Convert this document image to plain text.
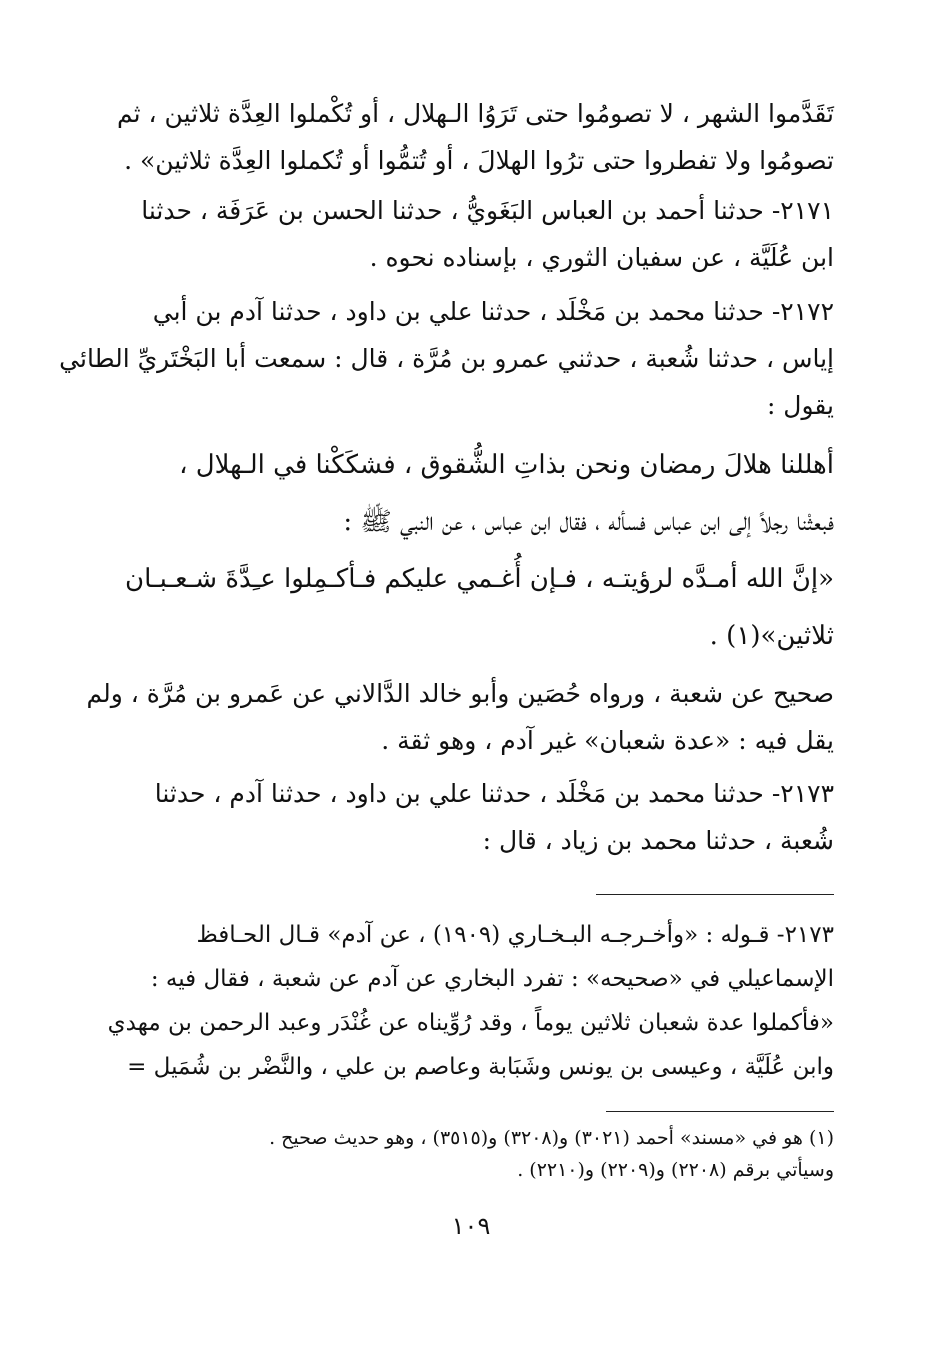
تَقَدَّموا الشهر ، لا تصومُوا حتى تَرَوُا الـهلال ، أو تُكْملوا العِدَّة ثلاثين ، ثم
تصومُوا ولا تفطروا حتى ترُوا الهلالَ ، أو تُتمُّوا أو تُكملوا العِدَّة ثلاثين» .
٢١٧١- حدثنا أحمد بن العباس البَغَويُّ ، حدثنا الحسن بن عَرَفَة ، حدثنا
ابن عُلَيَّة ، عن سفيان الثوري ، بإسناده نحوه .
٢١٧٢- حدثنا محمد بن مَخْلَد ، حدثنا علي بن داود ، حدثنا آدم بن أبي
إياس ، حدثنا شُعبة ، حدثني عمرو بن مُرَّة ، قال : سمعت أبا البَخْتَريِّ الطائي
يقول :
أهللنا هلالَ رمضان ونحن بذاتِ الشُّقوق ، فشكَكْنا في الـهلال ،
فبعثْنا رجلاً إلى ابن عباس فسأله ، فقال ابن عباس ، عن النبي ﷺ :
«إنَّ الله أمـدَّه لرؤيتـه ، فـإن أُغـمي عليكم فـأكـمِلوا عـِدَّةَ شـعـبـان
ثلاثين»(١) .
صحيح عن شعبة ، ورواه حُصَين وأبو خالد الدَّالاني عن عَمرو بن مُرَّة ، ولم
يقل فيه : «عدة شعبان» غير آدم ، وهو ثقة .
٢١٧٣- حدثنا محمد بن مَخْلَد ، حدثنا علي بن داود ، حدثنا آدم ، حدثنا
شُعبة ، حدثنا محمد بن زياد ، قال :
٢١٧٣- قـوله : «وأخـرجـه البـخـاري (١٩٠٩) ، عن آدم» قـال الحـافظ
الإسماعيلي في «صحيحه» : تفرد البخاري عن آدم عن شعبة ، فقال فيه :
«فأكملوا عدة شعبان ثلاثين يوماً ، وقد رُوِّيناه عن غُنْدَر وعبد الرحمن بن مهدي
وابن عُلَيَّة ، وعيسى بن يونس وشَبَابة وعاصم بن علي ، والنَّضْر بن شُمَيل =
(١) هو في «مسند» أحمد (٣٠٢١) و(٣٢٠٨) و(٣٥١٥) ، وهو حديث صحيح .
وسيأتي برقم (٢٢٠٨) و(٢٢٠٩) و(٢٢١٠) .
١٠٩
